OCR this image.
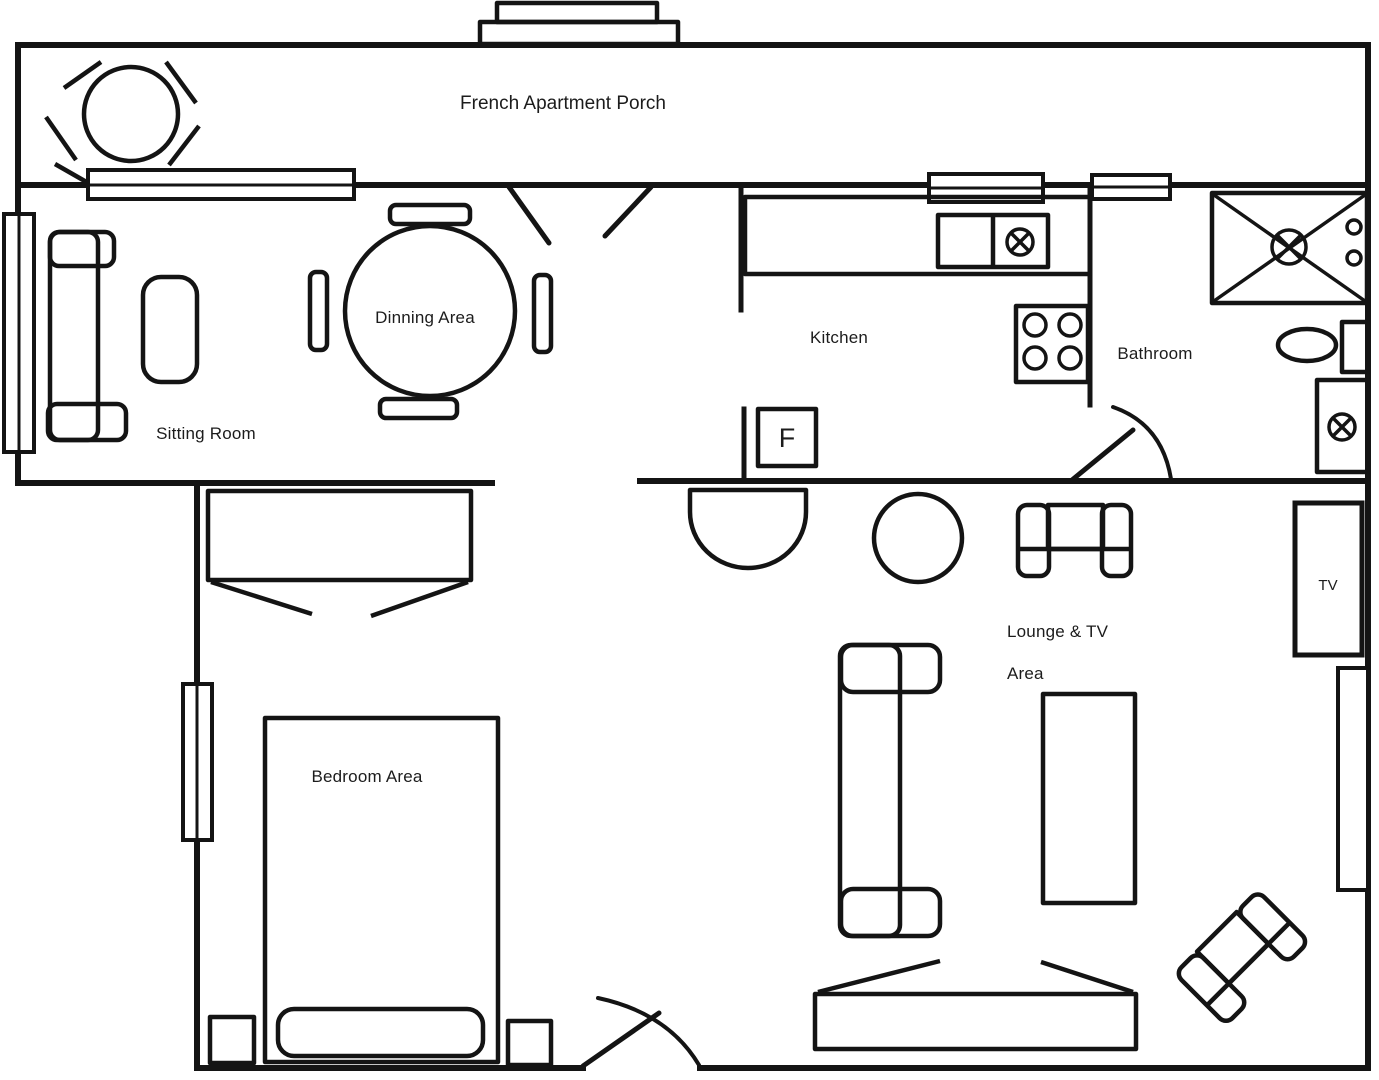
French Apartment Porch
Sitting Room
Dinning Area
F
Kitchen
Bathroom
Lounge & TV
Area
TV
Bedroom Area
